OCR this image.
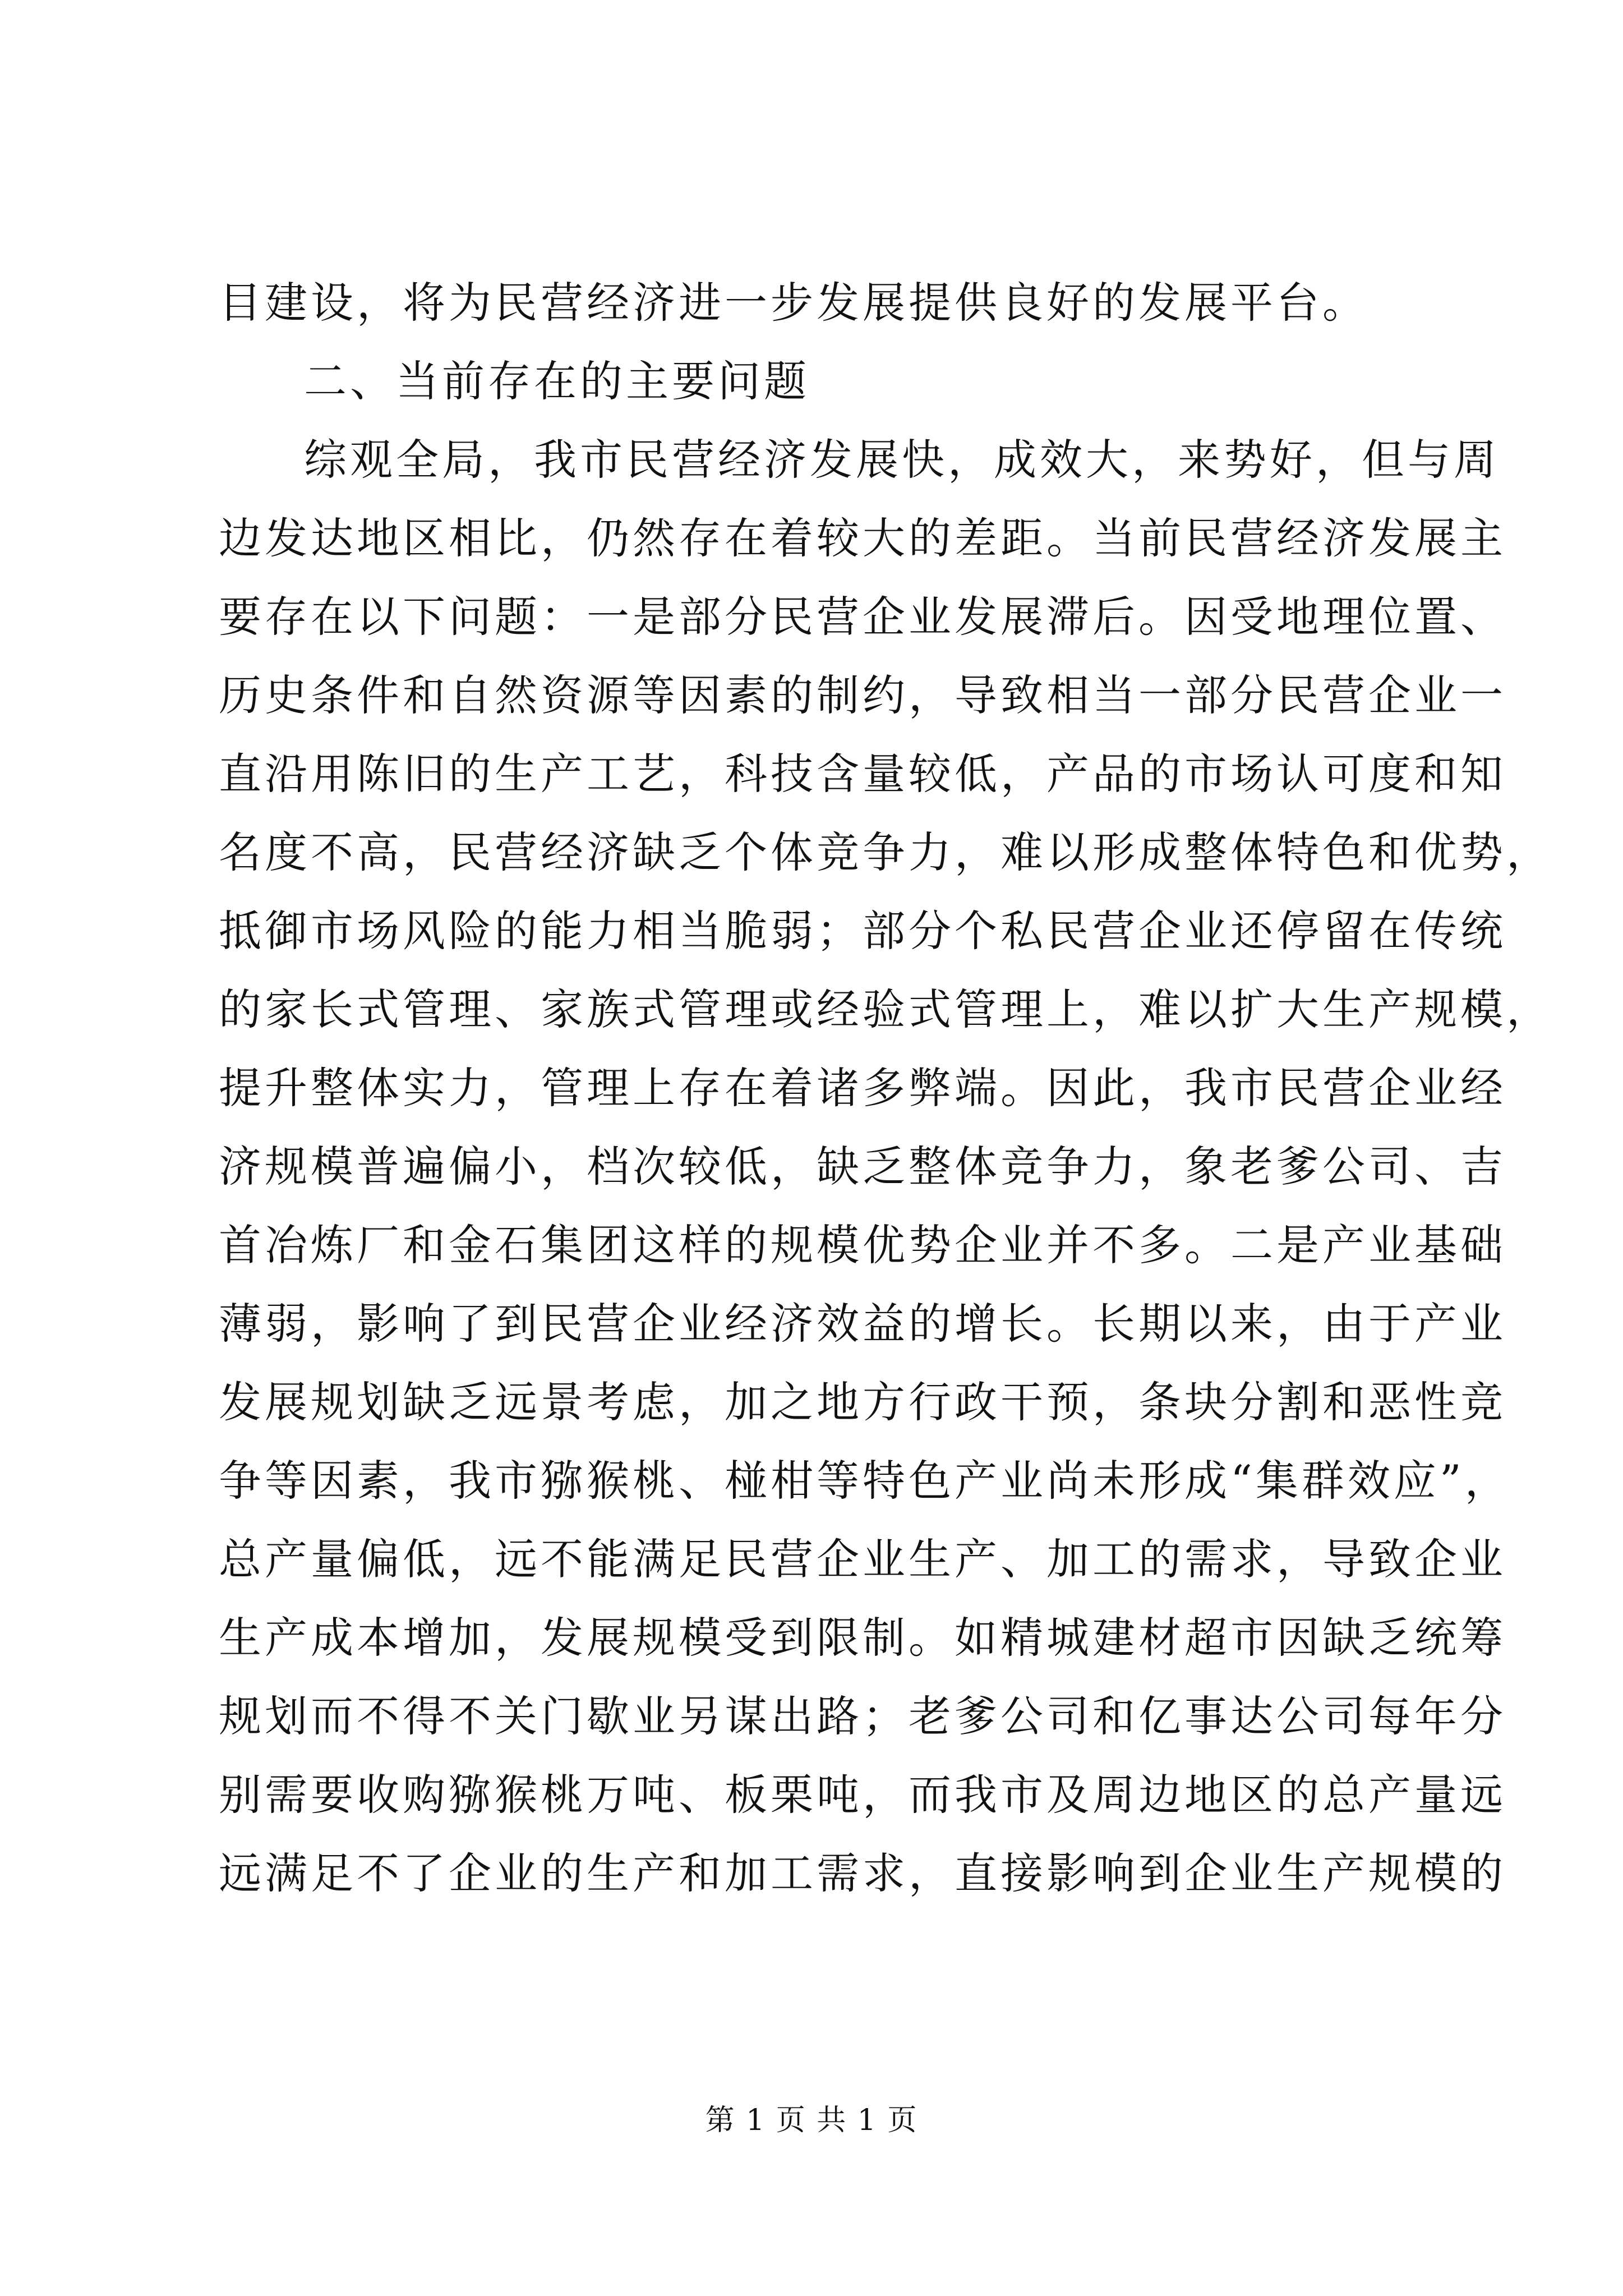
目建设，将为民营经济进一步发展提供良好的发展平台。
二、当前存在的主要问题
综观全局，我市民营经济发展快，成效大，来势好，但与周
边发达地区相比，仍然存在着较大的差距。当前民营经济发展主
要存在以下问题：一是部分民营企业发展滞后。因受地理位置、
历史条件和自然资源等因素的制约，导致相当一部分民营企业一
直沿用陈旧的生产工艺，科技含量较低，产品的市场认可度和知
名度不高，民营经济缺乏个体竞争力，难以形成整体特色和优势，
抵御市场风险的能力相当脆弱；部分个私民营企业还停留在传统
的家长式管理、家族式管理或经验式管理上，难以扩大生产规模，
提升整体实力，管理上存在着诸多弊端。因此，我市民营企业经
济规模普遍偏小，档次较低，缺乏整体竞争力，象老爹公司、吉
首冶炼厂和金石集团这样的规模优势企业并不多。二是产业基础
薄弱，影响了到民营企业经济效益的增长。长期以来，由于产业
发展规划缺乏远景考虑，加之地方行政干预，条块分割和恶性竞
争等因素，我市猕猴桃、椪柑等特色产业尚未形成“集群效应”，
总产量偏低，远不能满足民营企业生产、加工的需求，导致企业
生产成本增加，发展规模受到限制。如精城建材超市因缺乏统筹
规划而不得不关门歇业另谋出路；老爹公司和亿事达公司每年分
别需要收购猕猴桃万吨、板栗吨，而我市及周边地区的总产量远
远满足不了企业的生产和加工需求，直接影响到企业生产规模的
第 1 页 共 1 页
